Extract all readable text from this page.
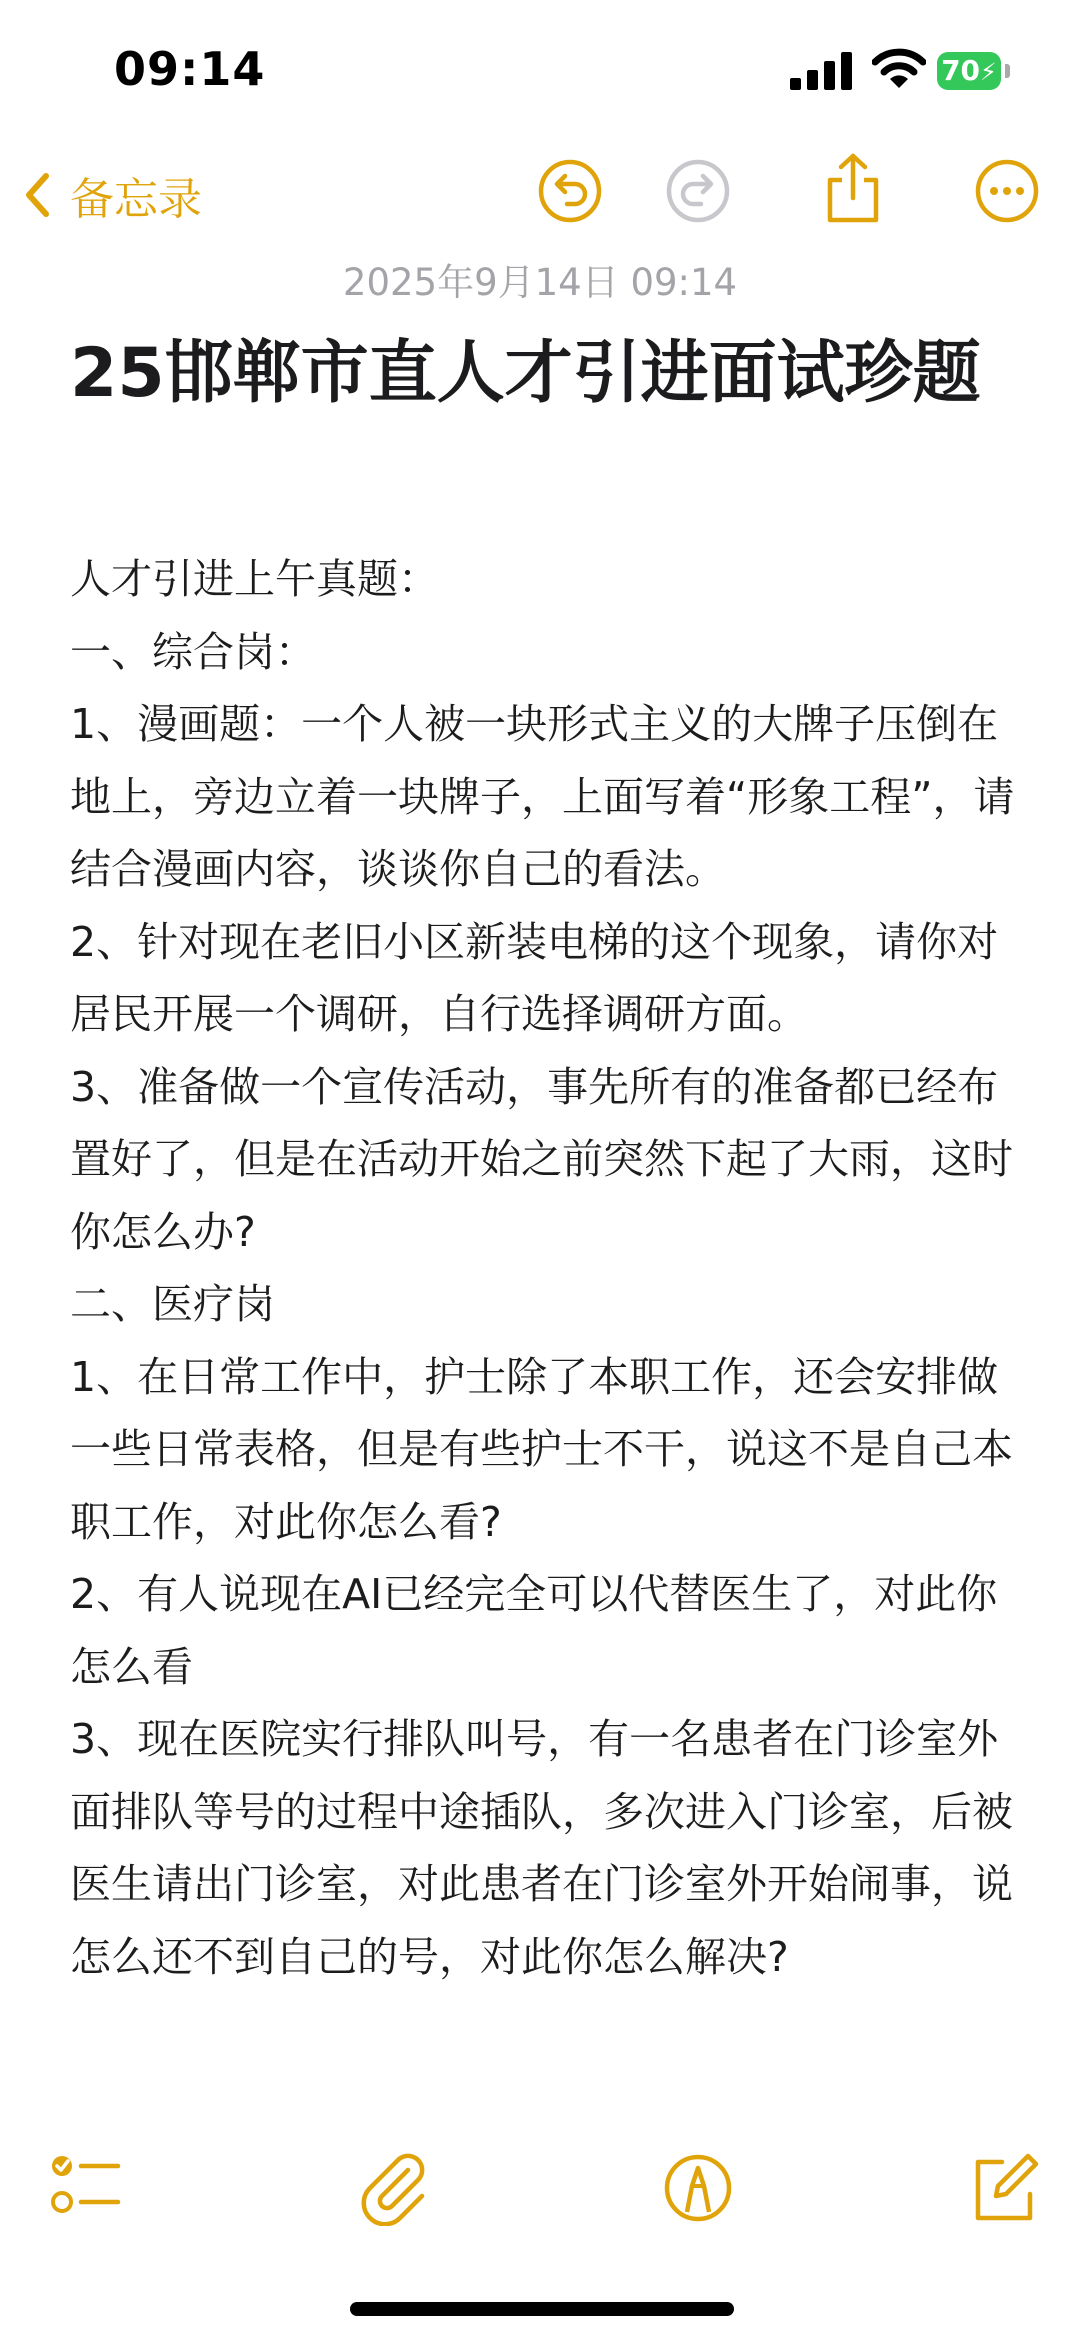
09:14	70⚡
备忘录
2025年9月14日 09:14
25邯郸市直人才引进面试珍题

人才引进上午真题：

一、综合岗：

1、漫画题：一个人被一块形式主义的大牌子压倒在地上，旁边立着一块牌子，上面写着“形象工程”，请结合漫画内容，谈谈你自己的看法。

2、针对现在老旧小区新装电梯的这个现象，请你对居民开展一个调研，自行选择调研方面。

3、准备做一个宣传活动，事先所有的准备都已经布置好了，但是在活动开始之前突然下起了大雨，这时你怎么办?

二、医疗岗

1、在日常工作中，护士除了本职工作，还会安排做一些日常表格，但是有些护士不干，说这不是自己本职工作，对此你怎么看?

2、有人说现在AI已经完全可以代替医生了，对此你怎么看

3、现在医院实行排队叫号，有一名患者在门诊室外面排队等号的过程中途插队，多次进入门诊室，后被医生请出门诊室，对此患者在门诊室外开始闹事，说怎么还不到自己的号，对此你怎么解决?
